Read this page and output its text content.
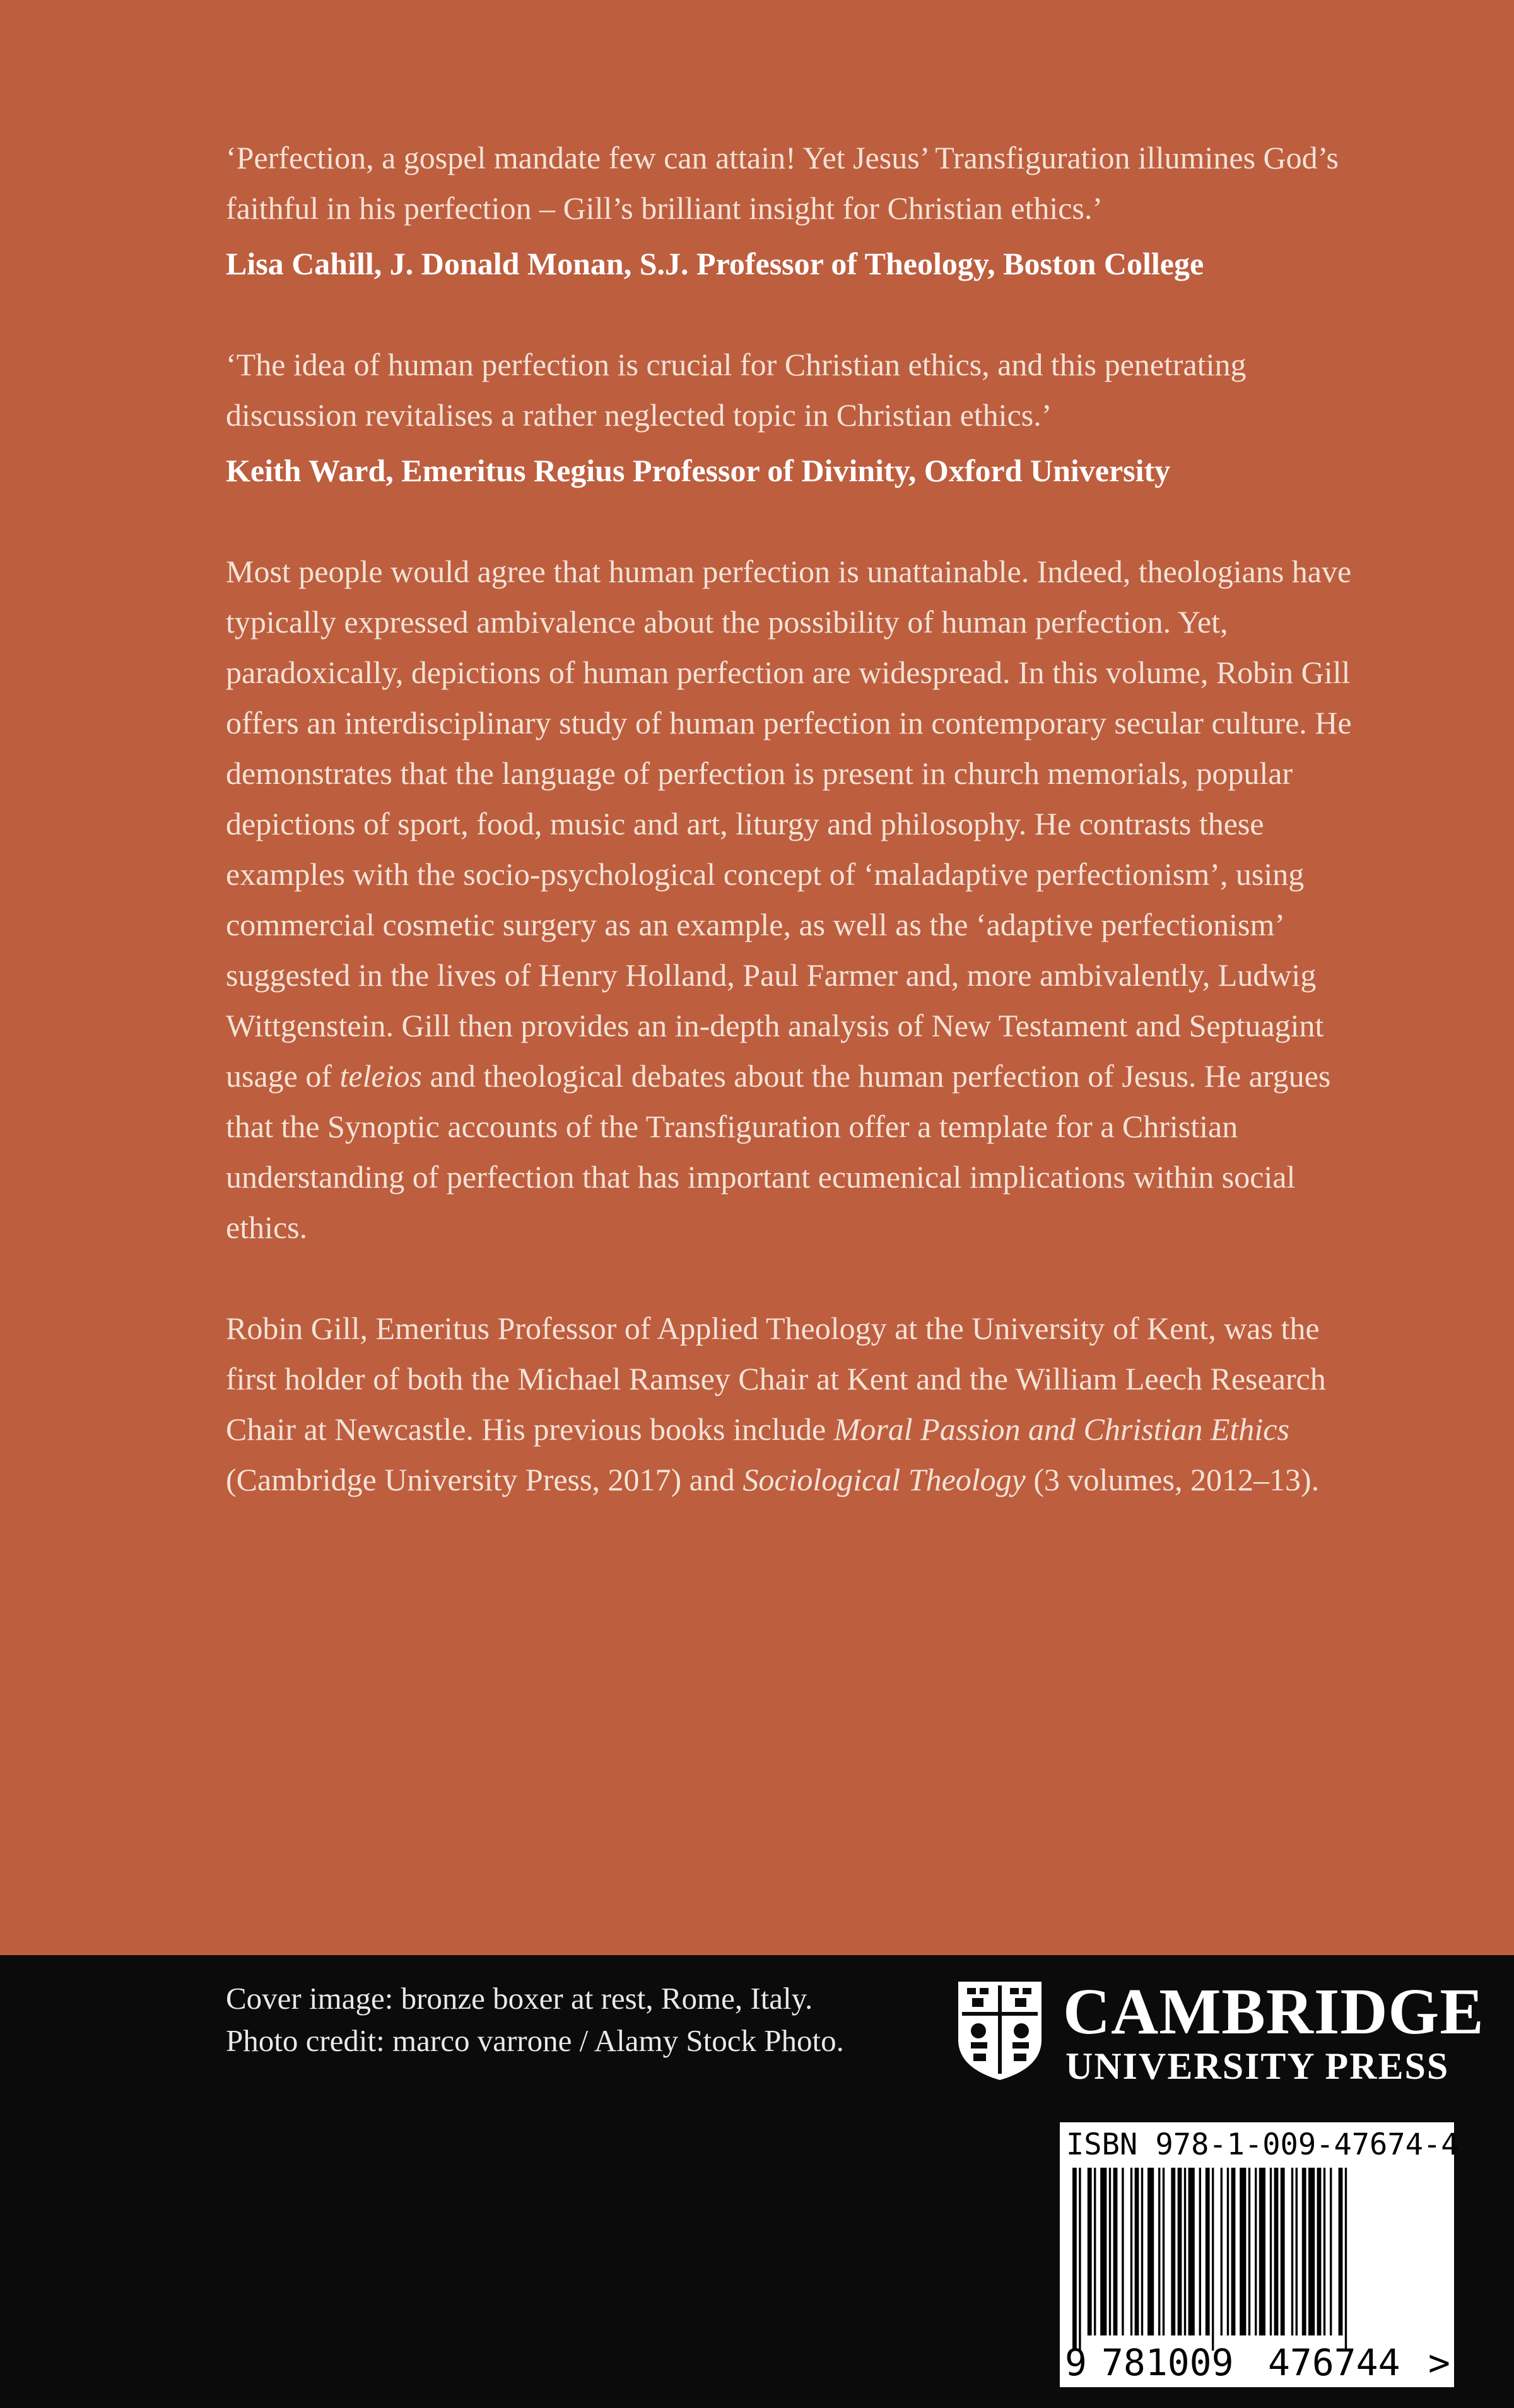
‘Perfection, a gospel mandate few can attain! Yet Jesus’ Transfiguration illumines God’s faithful in his perfection – Gill’s brilliant insight for Christian ethics.’

Lisa Cahill, J. Donald Monan, S.J. Professor of Theology, Boston College

‘The idea of human perfection is crucial for Christian ethics, and this penetrating discussion revitalises a rather neglected topic in Christian ethics.’

Keith Ward, Emeritus Regius Professor of Divinity, Oxford University

Most people would agree that human perfection is unattainable. Indeed, theologians have typically expressed ambivalence about the possibility of human perfection. Yet, paradoxically, depictions of human perfection are widespread. In this volume, Robin Gill offers an interdisciplinary study of human perfection in contemporary secular culture. He demonstrates that the language of perfection is present in church memorials, popular depictions of sport, food, music and art, liturgy and philosophy. He contrasts these examples with the socio-psychological concept of ‘maladaptive perfectionism’, using commercial cosmetic surgery as an example, as well as the ‘adaptive perfectionism’ suggested in the lives of Henry Holland, Paul Farmer and, more ambivalently, Ludwig Wittgenstein. Gill then provides an in-depth analysis of New Testament and Septuagint usage of teleios and theological debates about the human perfection of Jesus. He argues that the Synoptic accounts of the Transfiguration offer a template for a Christian understanding of perfection that has important ecumenical implications within social ethics.

Robin Gill, Emeritus Professor of Applied Theology at the University of Kent, was the first holder of both the Michael Ramsey Chair at Kent and the William Leech Research Chair at Newcastle. His previous books include Moral Passion and Christian Ethics (Cambridge University Press, 2017) and Sociological Theology (3 volumes, 2012–13).

Cover image: bronze boxer at rest, Rome, Italy. Photo credit: marco varrone / Alamy Stock Photo.	CAMBRIDGE
UNIVERSITY PRESS
ISBN 978-1-009-47674-4
9 781009 476744 >
